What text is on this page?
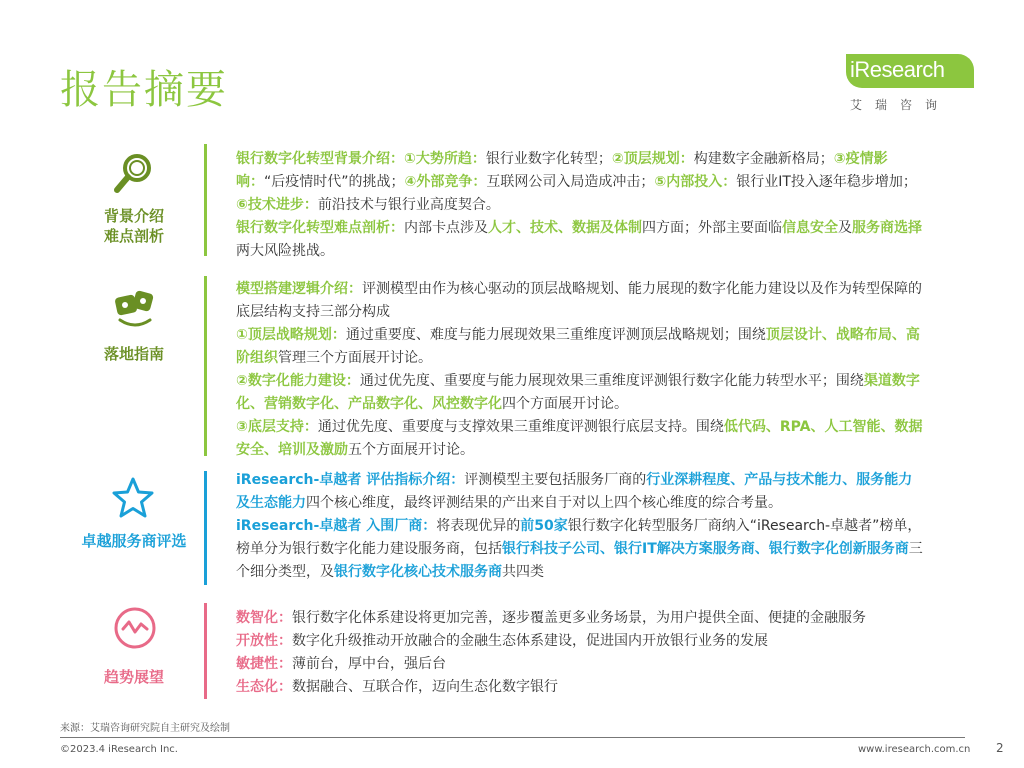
报告摘要	iResearch
艾瑞咨询
背景介绍
难点剖析

银行数字化转型背景介绍：①大势所趋：银行业数字化转型；②顶层规划：构建数字金融新格局；③疫情影响：“后疫情时代”的挑战；④外部竞争：互联网公司入局造成冲击；⑤内部投入：银行业IT投入逐年稳步增加；⑥技术进步：前沿技术与银行业高度契合。

银行数字化转型难点剖析：内部卡点涉及人才、技术、数据及体制四方面；外部主要面临信息安全及服务商选择两大风险挑战。

落地指南

模型搭建逻辑介绍：评测模型由作为核心驱动的顶层战略规划、能力展现的数字化能力建设以及作为转型保障的底层结构支持三部分构成

①顶层战略规划：通过重要度、难度与能力展现效果三重维度评测顶层战略规划；围绕顶层设计、战略布局、高阶组织管理三个方面展开讨论。

②数字化能力建设：通过优先度、重要度与能力展现效果三重维度评测银行数字化能力转型水平；围绕渠道数字化、营销数字化、产品数字化、风控数字化四个方面展开讨论。

③底层支持：通过优先度、重要度与支撑效果三重维度评测银行底层支持。围绕低代码、RPA、人工智能、数据安全、培训及激励五个方面展开讨论。

卓越服务商评选

iResearch-卓越者 评估指标介绍：评测模型主要包括服务厂商的行业深耕程度、产品与技术能力、服务能力及生态能力四个核心维度，最终评测结果的产出来自于对以上四个核心维度的综合考量。

iResearch-卓越者 入围厂商：将表现优异的前50家银行数字化转型服务厂商纳入“iResearch-卓越者”榜单，榜单分为银行数字化能力建设服务商，包括银行科技子公司、银行IT解决方案服务商、银行数字化创新服务商三个细分类型，及银行数字化核心技术服务商共四类

趋势展望

数智化：银行数字化体系建设将更加完善，逐步覆盖更多业务场景，为用户提供全面、便捷的金融服务

开放性：数字化升级推动开放融合的金融生态体系建设，促进国内开放银行业务的发展

敏捷性：薄前台，厚中台，强后台

生态化：数据融合、互联合作，迈向生态化数字银行

来源：艾瑞咨询研究院自主研究及绘制
©2023.4 iResearch Inc.	www.iresearch.com.cn 2
